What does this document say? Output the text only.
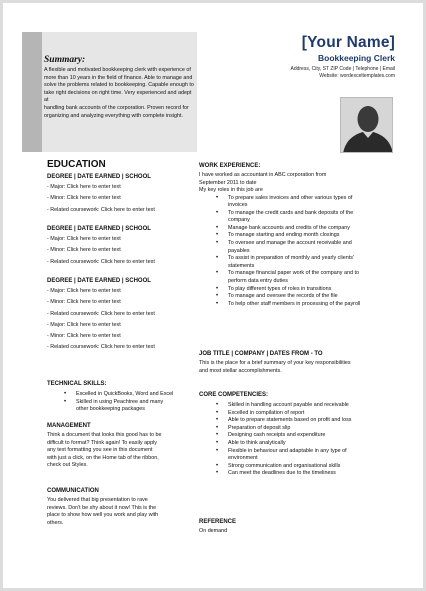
Summary:
A flexible and motivated bookkeeping clerk with experience of
more than 10 years in the field of finance. Able to manage and
solve the problems related to bookkeeping. Capable enough to
take right decisions on right time. Very experienced and adept at
handling bank accounts of the corporation. Proven record for
organizing and analyzing everything with complete insight.
[Your Name]
Bookkeeping Clerk
Address, City, ST ZIP Code | Telephone | Email
Website: wordexceltemplates.com
EDUCATION
DEGREE | DATE EARNED | SCHOOL
- Major: Click here to enter text
- Minor: Click here to enter text
- Related coursework: Click here to enter text
DEGREE | DATE EARNED | SCHOOL
- Major: Click here to enter text
- Minor: Click here to enter text
- Related coursework: Click here to enter text
DEGREE | DATE EARNED | SCHOOL
- Major: Click here to enter text
- Minor: Click here to enter text
- Related coursework: Click here to enter text
- Major: Click here to enter text
- Minor: Click here to enter text
- Related coursework: Click here to enter text
TECHNICAL SKILLS:
• Excelled in QuickBooks, Word and Excel
• Skilled in using Peachtree and many
other bookkeeping packages
MANAGEMENT
Think a document that looks this good has to be
difficult to format? Think again! To easily apply
any text formatting you see in this document
with just a click, on the Home tab of the ribbon,
check out Styles.
COMMUNICATION
You delivered that big presentation to rave
reviews. Don't be shy about it now! This is the
place to show how well you work and play with
others.
WORK EXPERIENCE:
I have worked as accountant in ABC corporation from
September 2011 to date
My key roles in this job are
• To prepare sales invoices and other various types of
invoices
• To manage the credit cards and bank deposits of the
company
• Manage bank accounts and credits of the company
• To manage starting and ending month closings
• To oversee and manage the account receivable and
payables
• To assist in preparation of monthly and yearly clients'
statements
• To manage financial paper work of the company and to
perform data entry duties
• To play different types of roles in transitions
• To manage and oversee the records of the file
• To help other staff members in processing of the payroll
JOB TITLE | COMPANY | DATES FROM - TO
This is the place for a brief summary of your key responsibilities
and most stellar accomplishments.
CORE COMPETENCIES:
• Skilled in handling account payable and receivable
• Excelled in compilation of report
• Able to prepare statements based on profit and loss
• Preparation of deposit slip
• Designing cash receipts and expenditure
• Able to think analytically
• Flexible in behaviour and adaptable in any type of
environment
• Strong communication and organisational skills
• Can meet the deadlines due to the timeliness
REFERENCE
On demand
